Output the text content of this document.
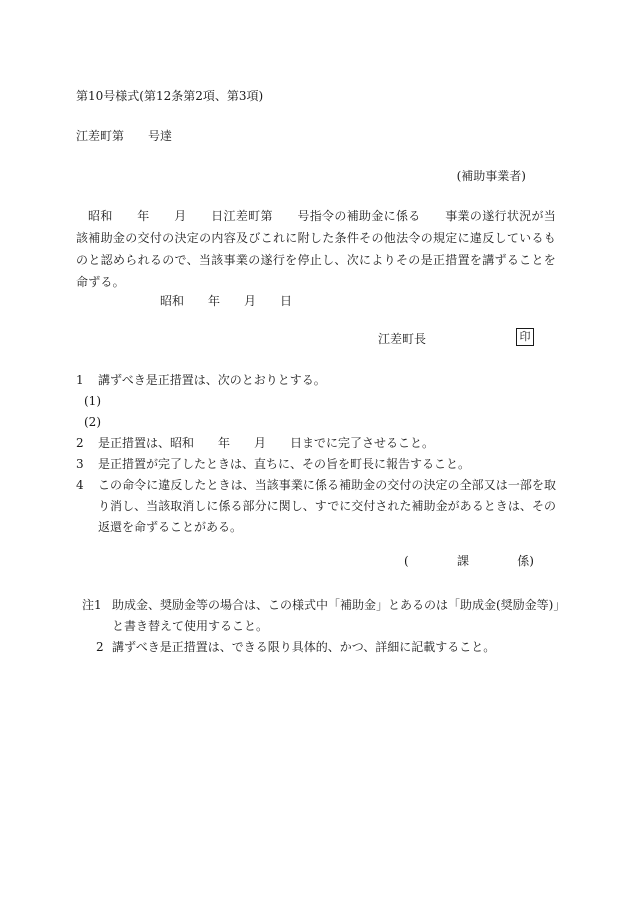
第10号様式(第12条第2項、第3項)
江差町第　　号達
(補助事業者)
昭和　　年　　月　　日江差町第　　号指令の補助金に係る　　事業の遂行状況が当該補助金の交付の決定の内容及びこれに附した条件その他法令の規定に違反しているものと認められるので、当該事業の遂行を停止し、次によりその是正措置を講ずることを命ずる。
昭和　　年　　月　　日
江差町長	印
1 講ずべき是正措置は、次のとおりとする。
(1)
(2)
2 是正措置は、昭和　　年　　月　　日までに完了させること。
3 是正措置が完了したときは、直ちに、その旨を町長に報告すること。
4 この命令に違反したときは、当該事業に係る補助金の交付の決定の全部又は一部を取り消し、当該取消しに係る部分に関し、すでに交付された補助金があるときは、その返還を命ずることがある。
(	課	係)
注1 助成金、奨励金等の場合は、この様式中「補助金」とあるのは「助成金(奨励金等)」と書き替えて使用すること。
2 講ずべき是正措置は、できる限り具体的、かつ、詳細に記載すること。
